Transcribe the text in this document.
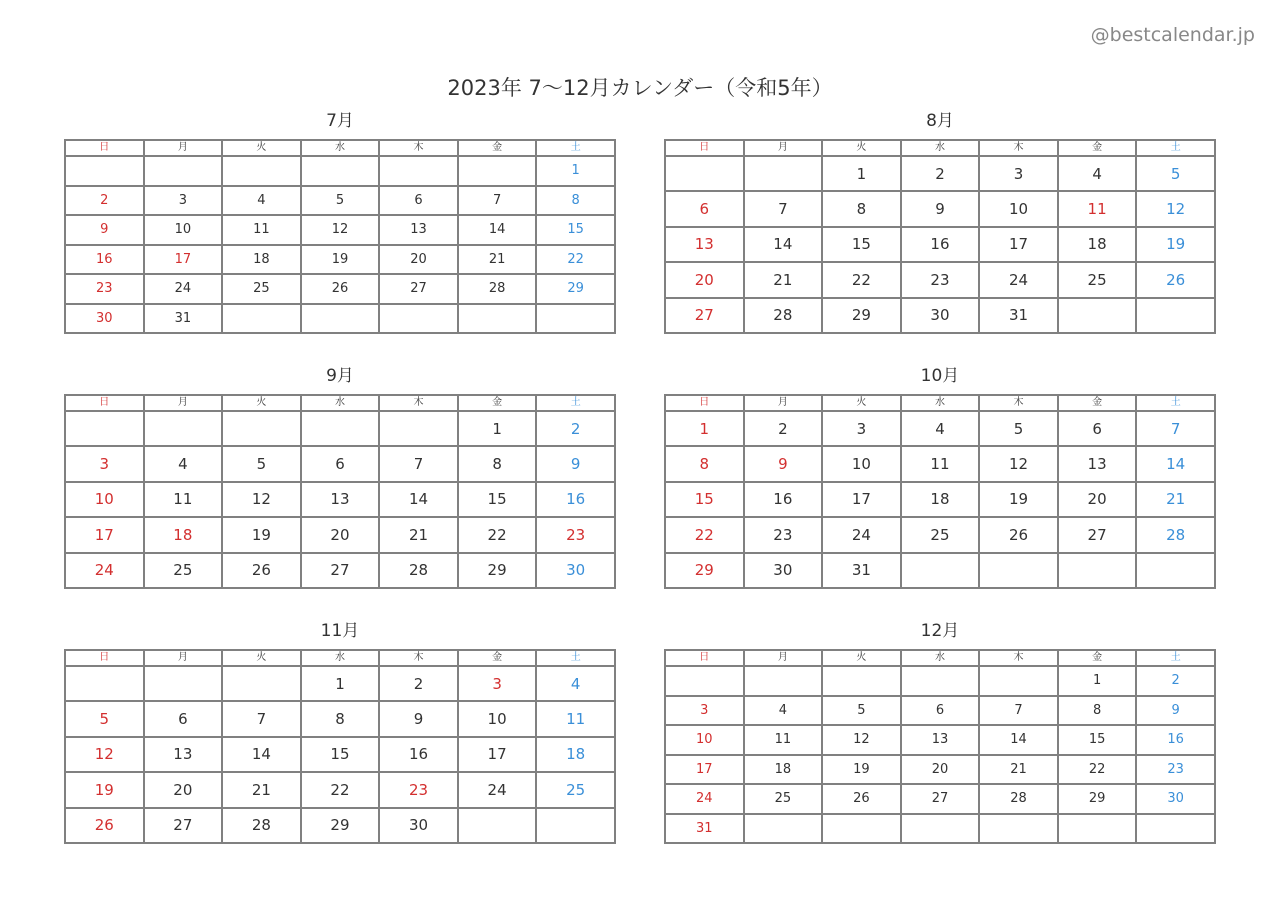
@bestcalendar.jp
2023年 7〜12月カレンダー（令和5年）
7月
日	月	火	水	木	金	土
						1
2	3	4	5	6	7	8
9	10	11	12	13	14	15
16	17	18	19	20	21	22
23	24	25	26	27	28	29
30	31					
8月
日	月	火	水	木	金	土
		1	2	3	4	5
6	7	8	9	10	11	12
13	14	15	16	17	18	19
20	21	22	23	24	25	26
27	28	29	30	31		
9月
日	月	火	水	木	金	土
					1	2
3	4	5	6	7	8	9
10	11	12	13	14	15	16
17	18	19	20	21	22	23
24	25	26	27	28	29	30
10月
日	月	火	水	木	金	土
1	2	3	4	5	6	7
8	9	10	11	12	13	14
15	16	17	18	19	20	21
22	23	24	25	26	27	28
29	30	31				
11月
日	月	火	水	木	金	土
			1	2	3	4
5	6	7	8	9	10	11
12	13	14	15	16	17	18
19	20	21	22	23	24	25
26	27	28	29	30		
12月
日	月	火	水	木	金	土
					1	2
3	4	5	6	7	8	9
10	11	12	13	14	15	16
17	18	19	20	21	22	23
24	25	26	27	28	29	30
31						
